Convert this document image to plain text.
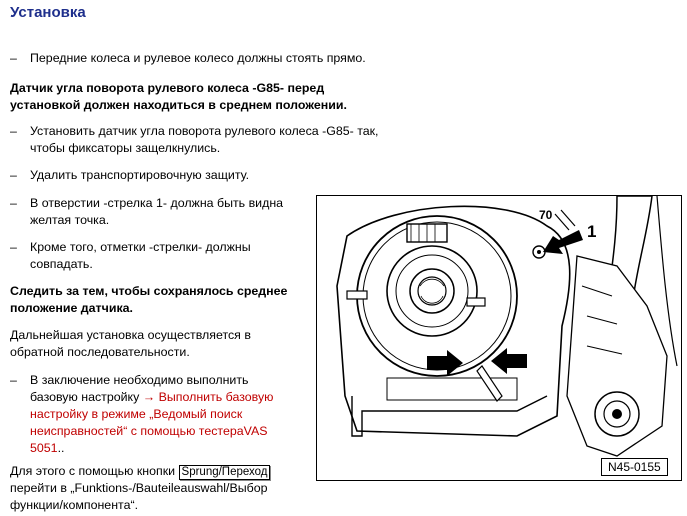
Установка
–	Передние колеса и рулевое колесо должны стоять прямо.
Датчик угла поворота рулевого колеса -G85- перед
установкой должен находиться в среднем положении.
–	Установить датчик угла поворота рулевого колеса -G85- так,
чтобы фиксаторы защелкнулись.
–	Удалить транспортировочную защиту.
–	В отверстии -стрелка 1- должна быть видна
желтая точка.
–	Кроме того, отметки -стрелки- должны
совпадать.
Следить за тем, чтобы сохранялось среднее
положение датчика.
Дальнейшая установка осуществляется в
обратной последовательности.
–	В заключение необходимо выполнить
базовую настройку → Выполнить базовую
настройку в режиме „Ведомый поиск
неисправностей“ с помощью тестераVAS
5051..
Для этого с помощью кнопки Sprung/Переход
перейти в „Funktions-/Bauteileauswahl/Выбор
функции/компонента“.
70
1
N45-0155
